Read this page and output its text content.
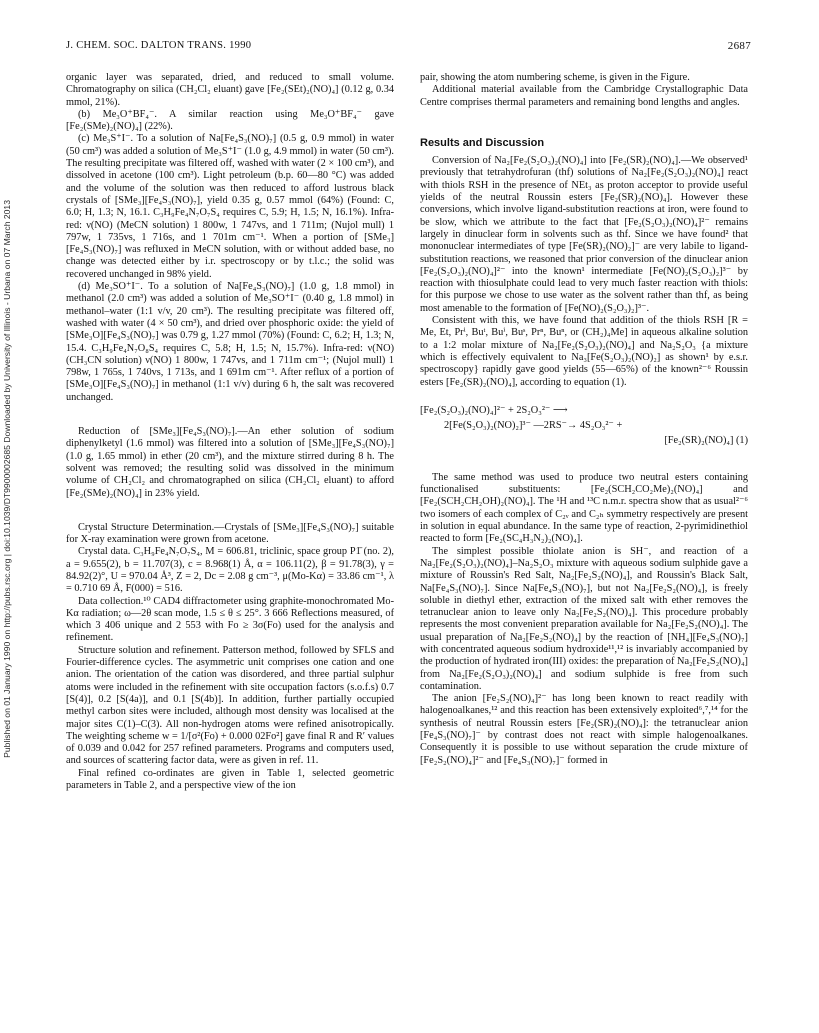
J. CHEM. SOC. DALTON TRANS. 1990	2687
Published on 01 January 1990 on http://pubs.rsc.org | doi:10.1039/DT9900002685 Downloaded by University of Illinois - Urbana on 07 March 2013

organic layer was separated, dried, and reduced to small volume. Chromatography on silica (CH₂Cl₂ eluant) gave [Fe₂(SEt)₂(NO)₄] (0.12 g, 0.34 mmol, 21%).

(b) Me₃O⁺BF₄⁻. A similar reaction using Me₃O⁺BF₄⁻ gave [Fe₂(SMe)₂(NO)₄] (22%).

(c) Me₃S⁺I⁻. To a solution of Na[Fe₄S₃(NO)₇] (0.5 g, 0.9 mmol) in water (50 cm³) was added a solution of Me₃S⁺I⁻ (1.0 g, 4.9 mmol) in water (50 cm³). The resulting precipitate was filtered off, washed with water (2 × 100 cm³), and dissolved in acetone (100 cm³). Light petroleum (b.p. 60—80 °C) was added and the volume of the solution was then reduced to afford lustrous black crystals of [SMe₃][Fe₄S₃(NO)₇], yield 0.35 g, 0.57 mmol (64%) (Found: C, 6.0; H, 1.3; N, 16.1. C₃H₉Fe₄N₇O₇S₄ requires C, 5.9; H, 1.5; N, 16.1%). Infra-red: ν(NO) (MeCN solution) 1 800w, 1 747vs, and 1 711m; (Nujol mull) 1 797w, 1 735vs, 1 716s, and 1 701m cm⁻¹. When a portion of [SMe₃][Fe₄S₃(NO)₇] was refluxed in MeCN solution, with or without added base, no change was detected either by i.r. spectroscopy or by t.l.c.; the solid was recovered unchanged in 98% yield.

(d) Me₃SO⁺I⁻. To a solution of Na[Fe₄S₃(NO)₇] (1.0 g, 1.8 mmol) in methanol (2.0 cm³) was added a solution of Me₃SO⁺I⁻ (0.40 g, 1.8 mmol) in methanol–water (1:1 v/v, 20 cm³). The resulting precipitate was filtered off, washed with water (4 × 50 cm³), and dried over phosphoric oxide: the yield of [SMe₃O][Fe₄S₃(NO)₇] was 0.79 g, 1.27 mmol (70%) (Found: C, 6.2; H, 1.3; N, 15.4. C₃H₉Fe₄N₇O₈S₄ requires C, 5.8; H, 1.5; N, 15.7%). Infra-red: ν(NO) (CH₃CN solution) ν(NO) 1 800w, 1 747vs, and 1 711m cm⁻¹; (Nujol mull) 1 798w, 1 765s, 1 740vs, 1 713s, and 1 691m cm⁻¹. After reflux of a portion of [SMe₃O][Fe₄S₃(NO)₇] in methanol (1:1 v/v) during 6 h, the salt was recovered unchanged.

Reduction of [SMe₃][Fe₄S₃(NO)₇].—An ether solution of sodium diphenylketyl (1.6 mmol) was filtered into a solution of [SMe₃][Fe₄S₃(NO)₇] (1.0 g, 1.65 mmol) in ether (20 cm³), and the mixture stirred during 8 h. The solvent was removed; the resulting solid was dissolved in the minimum volume of CH₂Cl₂ and chromatographed on silica (CH₂Cl₂ eluant) to afford [Fe₂(SMe)₂(NO)₄] in 23% yield.

Crystal Structure Determination.—Crystals of [SMe₃][Fe₄S₃(NO)₇] suitable for X-ray examination were grown from acetone.

Crystal data. C₃H₉Fe₄N₇O₇S₄, M = 606.81, triclinic, space group P1̄ (no. 2), a = 9.655(2), b = 11.707(3), c = 8.968(1) Å, α = 106.11(2), β = 91.78(3), γ = 84.92(2)°, U = 970.04 Å³, Z = 2, Dc = 2.08 g cm⁻³, μ(Mo-Kα) = 33.86 cm⁻¹, λ = 0.710 69 Å, F(000) = 516.

Data collection.¹⁰ CAD4 diffractometer using graphite-monochromated Mo-Kα radiation; ω—2θ scan mode, 1.5 ≤ θ ≤ 25°. 3 666 Reflections measured, of which 3 406 unique and 2 553 with Fo ≥ 3σ(Fo) used for the analysis and refinement.

Structure solution and refinement. Patterson method, followed by SFLS and Fourier-difference cycles. The asymmetric unit comprises one cation and one anion. The orientation of the cation was disordered, and three partial sulphur atoms were included in the refinement with site occupation factors (s.o.f.s) 0.7 [S(4)], 0.2 [S(4a)], and 0.1 [S(4b)]. In addition, further partially occupied methyl carbon sites were included, although most density was localised at the major sites C(1)–C(3). All non-hydrogen atoms were refined anisotropically. The weighting scheme w = 1/[σ²(Fo) + 0.000 02Fo²] gave final R and R′ values of 0.039 and 0.042 for 257 refined parameters. Programs and computers used, and sources of scattering factor data, were as given in ref. 11.

Final refined co-ordinates are given in Table 1, selected geometric parameters in Table 2, and a perspective view of the ion

pair, showing the atom numbering scheme, is given in the Figure.

Additional material available from the Cambridge Crystallographic Data Centre comprises thermal parameters and remaining bond lengths and angles.

Results and Discussion

Conversion of Na₂[Fe₂(S₂O₃)₂(NO)₄] into [Fe₂(SR)₂(NO)₄].—We observed¹ previously that tetrahydrofuran (thf) solutions of Na₂[Fe₂(S₂O₃)₂(NO)₄] react with thiols RSH in the presence of NEt₃ as proton acceptor to provide useful yields of the neutral Roussin esters [Fe₂(SR)₂(NO)₄]. However these conversions, which involve ligand-substitution reactions at iron, were found to be slow, which we attribute to the fact that [Fe₂(S₂O₃)₂(NO)₄]²⁻ remains largely in dinuclear form in solvents such as thf. Since we have found² that mononuclear intermediates of type [Fe(SR)₂(NO)₂]⁻ are very labile to ligand-substitution reactions, we reasoned that prior conversion of the dinuclear anion [Fe₂(S₂O₃)₂(NO)₄]²⁻ into the known¹ intermediate [Fe(NO)₂(S₂O₃)₂]³⁻ by reaction with thiosulphate could lead to very much faster reaction with thiols: for this purpose we chose to use water as the solvent rather than thf, as being most amenable to the formation of [Fe(NO)₂(S₂O₃)₂]³⁻.

Consistent with this, we have found that addition of the thiols RSH [R = Me, Et, Prⁱ, Buᵗ, Buⁱ, Buˢ, Prⁿ, Buⁿ, or (CH₂)₄Me] in aqueous alkaline solution to a 1:2 molar mixture of Na₂[Fe₂(S₂O₃)₂(NO)₄] and Na₂S₂O₃ {a mixture which is effectively equivalent to Na₃[Fe(S₂O₃)₂(NO)₂] as shown¹ by e.s.r. spectroscopy} rapidly gave good yields (55—65%) of the known²⁻⁶ Roussin esters [Fe₂(SR)₂(NO)₄], according to equation (1).

[Fe₂(S₂O₃)₂(NO)₄]²⁻ + 2S₂O₃²⁻ ⟶
2[Fe(S₂O₃)₂(NO)₂]³⁻ —2RS⁻→ 4S₂O₃²⁻ +
[Fe₂(SR)₂(NO)₄] (1)

The same method was used to produce two neutral esters containing functionalised substituents: [Fe₂(SCH₂CO₂Me)₂(NO)₄] and [Fe₂(SCH₂CH₂OH)₂(NO)₄]. The ¹H and ¹³C n.m.r. spectra show that as usual²⁻⁶ two isomers of each complex of C₂ᵥ and C₂ₕ symmetry respectively are present in solution in equal abundance. In the same type of reaction, 2-pyrimidinethiol reacted to form [Fe₂(SC₄H₃N₂)₂(NO)₄].

The simplest possible thiolate anion is SH⁻, and reaction of a Na₂[Fe₂(S₂O₃)₂(NO)₄]–Na₂S₂O₃ mixture with aqueous sodium sulphide gave a mixture of Roussin's Red Salt, Na₂[Fe₂S₂(NO)₄], and Roussin's Black Salt, Na[Fe₄S₃(NO)₇]. Since Na[Fe₄S₃(NO)₇], but not Na₂[Fe₂S₂(NO)₄], is freely soluble in diethyl ether, extraction of the mixed salt with ether removes the tetranuclear anion to leave only Na₂[Fe₂S₂(NO)₄]. This procedure probably represents the most convenient preparation available for Na₂[Fe₂S₂(NO)₄]. The usual preparation of Na₂[Fe₂S₂(NO)₄] by the reaction of [NH₄][Fe₄S₃(NO)₇] with concentrated aqueous sodium hydroxide¹¹,¹² is invariably accompanied by the production of hydrated iron(III) oxides: the preparation of Na₂[Fe₂S₂(NO)₄] from Na₂[Fe₂(S₂O₃)₂(NO)₄] and sodium sulphide is free from such contamination.

The anion [Fe₂S₂(NO)₄]²⁻ has long been known to react readily with halogenoalkanes,¹² and this reaction has been extensively exploited⁶,⁷,¹⁴ for the synthesis of neutral Roussin esters [Fe₂(SR)₂(NO)₄]: the tetranuclear anion [Fe₄S₃(NO)₇]⁻ by contrast does not react with simple halogenoalkanes. Consequently it is possible to use without separation the crude mixture of [Fe₂S₂(NO)₄]²⁻ and [Fe₄S₃(NO)₇]⁻ formed in
